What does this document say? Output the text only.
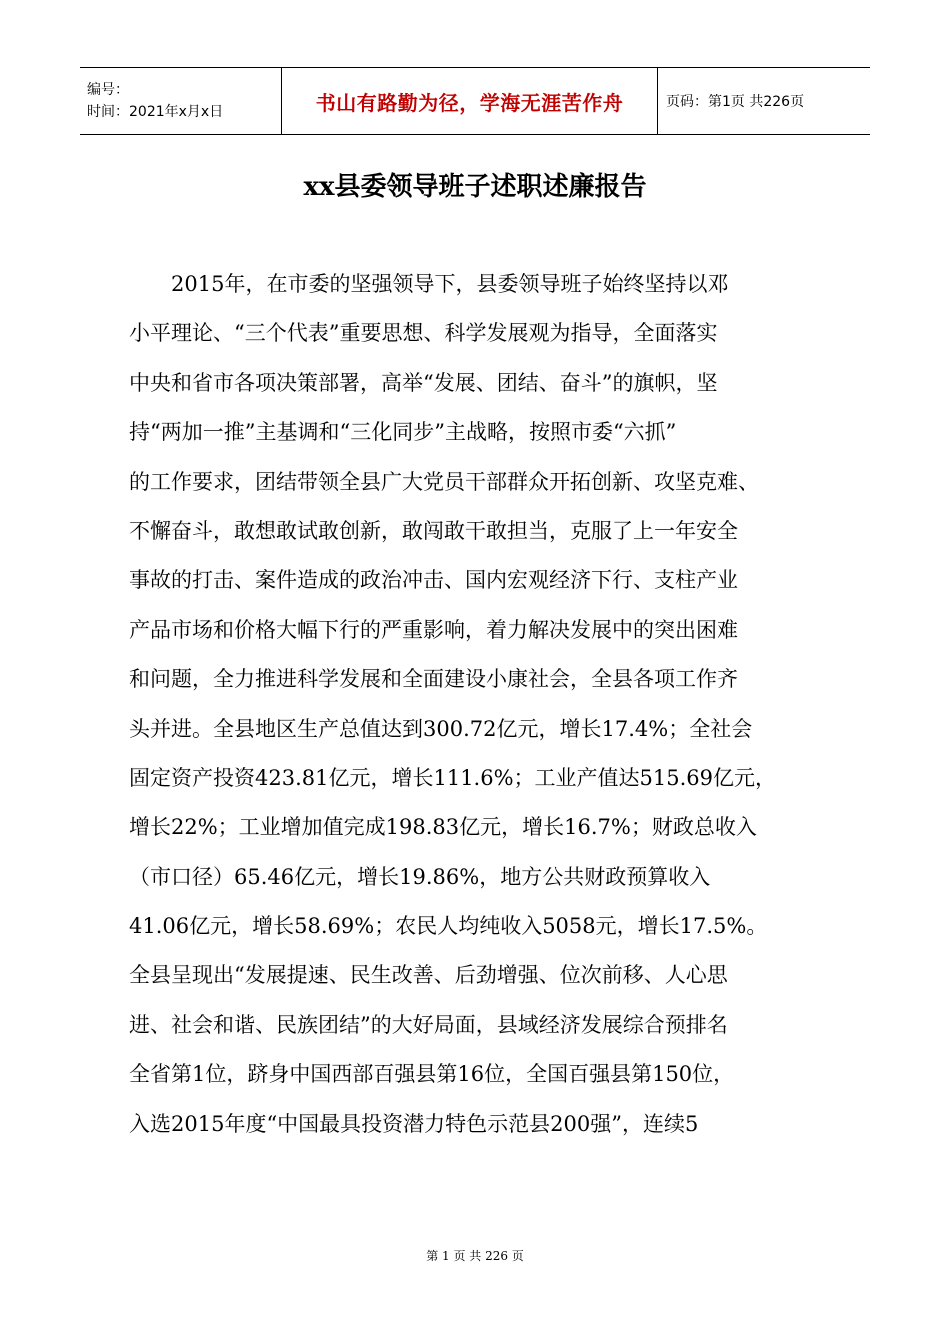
编号：
时间：2021年x月x日	书山有路勤为径，学海无涯苦作舟	页码：第1页 共226页
xx县委领导班子述职述廉报告
2015年，在市委的坚强领导下，县委领导班子始终坚持以邓
小平理论、“三个代表”重要思想、科学发展观为指导，全面落实
中央和省市各项决策部署，高举“发展、团结、奋斗”的旗帜，坚
持“两加一推”主基调和“三化同步”主战略，按照市委“六抓”
的工作要求，团结带领全县广大党员干部群众开拓创新、攻坚克难、
不懈奋斗，敢想敢试敢创新，敢闯敢干敢担当，克服了上一年安全
事故的打击、案件造成的政治冲击、国内宏观经济下行、支柱产业
产品市场和价格大幅下行的严重影响，着力解决发展中的突出困难
和问题，全力推进科学发展和全面建设小康社会，全县各项工作齐
头并进。全县地区生产总值达到300.72亿元，增长17.4%；全社会
固定资产投资423.81亿元，增长111.6%；工业产值达515.69亿元，
增长22%；工业增加值完成198.83亿元，增长16.7%；财政总收入
（市口径）65.46亿元，增长19.86%，地方公共财政预算收入
41.06亿元，增长58.69%；农民人均纯收入5058元，增长17.5%。
全县呈现出“发展提速、民生改善、后劲增强、位次前移、人心思
进、社会和谐、民族团结”的大好局面，县域经济发展综合预排名
全省第1位，跻身中国西部百强县第16位，全国百强县第150位，
入选2015年度“中国最具投资潜力特色示范县200强”，连续5
第 1 页 共 226 页
